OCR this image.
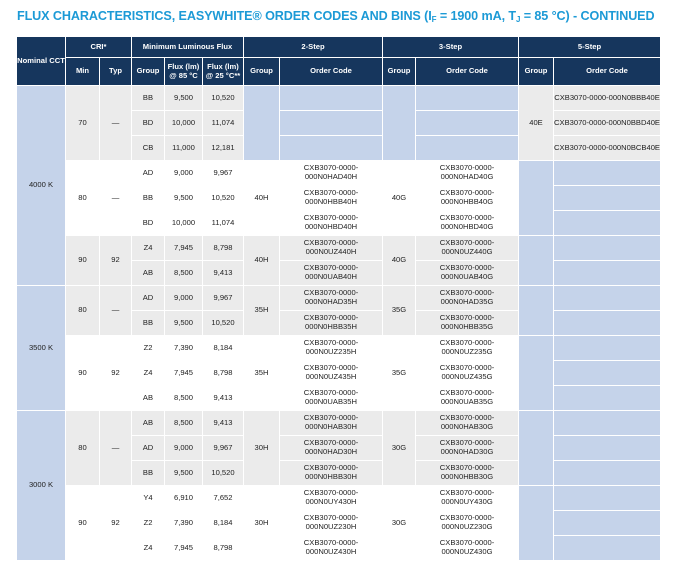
FLUX CHARACTERISTICS, EASYWHITE® ORDER CODES AND BINS ($I_F = 1900$ mA, $T_J = 85$ °C) - CONTINUED
Nominal CCT	CRI*		Minimum Luminous Flux			2-Step		3-Step		5-Step	
	Min	Typ	Group	Flux (lm) @ 85 °C	Flux (lm) @ 25 °C**	Group	Order Code	Group	Order Code	Group	Order Code
4000 K	70	—	BB	9,500	10,520					40E	CXB3070-0000-000N0BBB40E
			BD	10,000	11,074						CXB3070-0000-000N0BBD40E
			CB	11,000	12,181						CXB3070-0000-000N0BCB40E
	80	—	AD	9,000	9,967	40H	CXB3070-0000-000N0HAD40H	40G	CXB3070-0000-000N0HAD40G		
			BB	9,500	10,520		CXB3070-0000-000N0HBB40H		CXB3070-0000-000N0HBB40G		
			BD	10,000	11,074		CXB3070-0000-000N0HBD40H		CXB3070-0000-000N0HBD40G		
	90	92	Z4	7,945	8,798	40H	CXB3070-0000-000N0UZ440H	40G	CXB3070-0000-000N0UZ440G		
			AB	8,500	9,413		CXB3070-0000-000N0UAB40H		CXB3070-0000-000N0UAB40G		
3500 K	80	—	AD	9,000	9,967	35H	CXB3070-0000-000N0HAD35H	35G	CXB3070-0000-000N0HAD35G		
			BB	9,500	10,520		CXB3070-0000-000N0HBB35H		CXB3070-0000-000N0HBB35G		
	90	92	Z2	7,390	8,184	35H	CXB3070-0000-000N0UZ235H	35G	CXB3070-0000-000N0UZ235G		
			Z4	7,945	8,798		CXB3070-0000-000N0UZ435H		CXB3070-0000-000N0UZ435G		
			AB	8,500	9,413		CXB3070-0000-000N0UAB35H		CXB3070-0000-000N0UAB35G		
3000 K	80	—	AB	8,500	9,413	30H	CXB3070-0000-000N0HAB30H	30G	CXB3070-0000-000N0HAB30G		
			AD	9,000	9,967		CXB3070-0000-000N0HAD30H		CXB3070-0000-000N0HAD30G		
			BB	9,500	10,520		CXB3070-0000-000N0HBB30H		CXB3070-0000-000N0HBB30G		
	90	92	Y4	6,910	7,652	30H	CXB3070-0000-000N0UY430H	30G	CXB3070-0000-000N0UY430G		
			Z2	7,390	8,184		CXB3070-0000-000N0UZ230H		CXB3070-0000-000N0UZ230G		
			Z4	7,945	8,798		CXB3070-0000-000N0UZ430H		CXB3070-0000-000N0UZ430G		
